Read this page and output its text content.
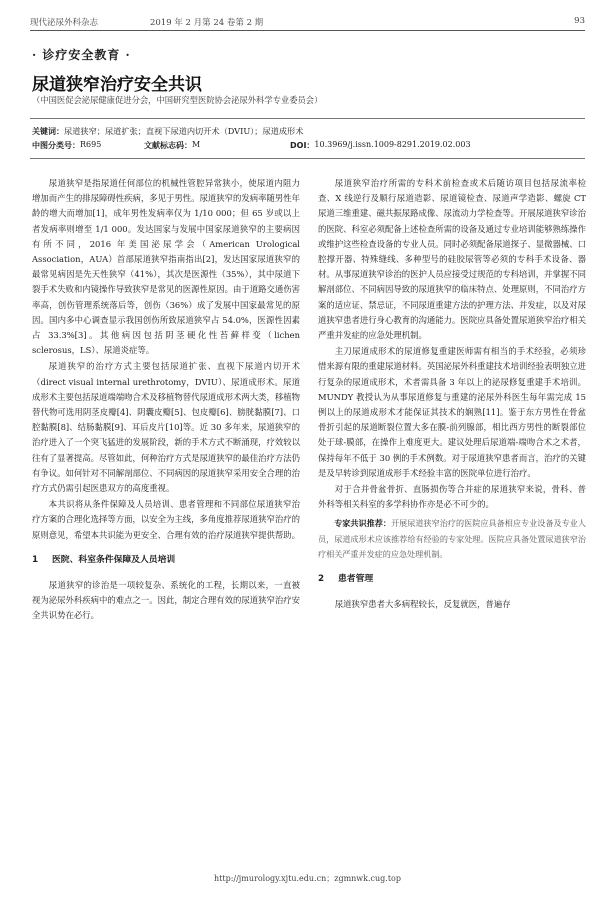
现代泌尿外科杂志	2019 年 2 月第 24 卷第 2 期	93
· 诊疗安全教育 ·
尿道狭窄治疗安全共识
（中国医促会泌尿健康促进分会，中国研究型医院协会泌尿外科学专业委员会）
关键词：尿道狭窄；尿道扩张；直视下尿道内切开术（DVIU）；尿道成形术
中图分类号： R695	文献标志码： M	DOI： 10.3969/j.issn.1009-8291.2019.02.003

尿道狭窄是指尿道任何部位的机械性管腔异常狭小，使尿道内阻力增加而产生的排尿障碍性疾病，多见于男性。尿道狭窄的发病率随男性年龄的增大而增加[1]，成年男性发病率仅为 1/10 000；但 65 岁或以上者发病率则增至 1/1 000。发达国家与发展中国家尿道狭窄的主要病因有所不同，2016 年美国泌尿学会（American Urological Association，AUA）首部尿道狭窄指南指出[2]，发达国家尿道狭窄的最常见病因是先天性狭窄（41%），其次是医源性（35%），其中尿道下裂手术失败和内镜操作导致狭窄是常见的医源性原因。由于道路交通伤害率高，创伤管理系统落后等，创伤（36%）成了发展中国家最常见的原因。国内多中心调查显示我国创伤所致尿道狭窄占 54.0%，医源性因素占 33.3%[3]。其他病因包括阴茎硬化性苔藓样变（lichen sclerosus，LS）、尿道炎症等。

尿道狭窄的治疗方式主要包括尿道扩张、直视下尿道内切开术（direct visual internal urethrotomy，DVIU）、尿道成形术。尿道成形术主要包括尿道端端吻合术及移植物替代尿道成形术两大类，移植物替代物可选用阴茎皮瓣[4]、阴囊皮瓣[5]、包皮瓣[6]、膀胱黏膜[7]、口腔黏膜[8]、结肠黏膜[9]、耳后皮片[10]等。近 30 多年来，尿道狭窄的治疗进入了一个突飞猛进的发展阶段，新的手术方式不断涌现，疗效较以往有了显著提高。尽管如此，何种治疗方式是尿道狭窄的最佳治疗方法仍有争议。如何针对不同解剖部位、不同病因的尿道狭窄采用安全合理的治疗方式仍需引起医患双方的高度重视。

本共识将从条件保障及人员培训、患者管理和不同部位尿道狭窄治疗方案的合理化选择等方面，以安全为主线，多角度推荐尿道狭窄治疗的原则意见，希望本共识能为更安全、合理有效的治疗尿道狭窄提供帮助。

1 医院、科室条件保障及人员培训

尿道狭窄的诊治是一项较复杂、系统化的工程，长期以来，一直被视为泌尿外科疾病中的难点之一。因此，制定合理有效的尿道狭窄治疗安全共识势在必行。

尿道狭窄治疗所需的专科术前检查或术后随访项目包括尿流率检查、X 线逆行及顺行尿道造影、尿道镜检查、尿道声学造影、螺旋 CT 尿道三维重建、磁共振尿路成像、尿流动力学检查等。开展尿道狭窄诊治的医院、科室必须配备上述检查所需的设备及通过专业培训能够熟练操作或维护这些检查设备的专业人员。同时必须配备尿道探子、显微器械、口腔撑开器、特殊缝线、多种型号的硅胶尿管等必须的专科手术设备、器材。从事尿道狭窄诊治的医护人员应接受过规范的专科培训，并掌握不同解剖部位、不同病因导致的尿道狭窄的临床特点、处理原则，不同治疗方案的适应证、禁忌证，不同尿道重建方法的护理方法、并发症，以及对尿道狭窄患者进行身心教育的沟通能力。医院应具备处置尿道狭窄治疗相关严重并发症的应急处理机制。

主刀尿道成形术的尿道修复重建医师需有相当的手术经验，必须珍惜来源有限的重建尿道材料。英国泌尿外科重建技术培训经验表明独立进行复杂的尿道成形术，术者需具备 3 年以上的泌尿修复重建手术培训。MUNDY 教授认为从事尿道修复与重建的泌尿外科医生每年需完成 15 例以上的尿道成形术才能保证其技术的娴熟[11]。鉴于东方男性在骨盆骨折引起的尿道断裂位置大多在膜-前列腺部，相比西方男性的断裂部位处于球-膜部，在操作上难度更大。建议处理后尿道端-端吻合术之术者，保持每年不低于 30 例的手术例数。对于尿道狭窄患者而言，治疗的关键是及早转诊到尿道成形手术经验丰富的医院单位进行治疗。

对于合并骨盆骨折、直肠损伤等合并症的尿道狭窄来说，骨科、普外科等相关科室的多学科协作亦是必不可少的。

专家共识推荐：开展尿道狭窄治疗的医院应具备相应专业设备及专业人员，尿道成形术应该推荐给有经验的专家处理。医院应具备处置尿道狭窄治疗相关严重并发症的应急处理机制。

2 患者管理

尿道狭窄患者大多病程较长，反复就医，普遍存

http://jmurology.xjtu.edu.cn；zgmnwk.cug.top
